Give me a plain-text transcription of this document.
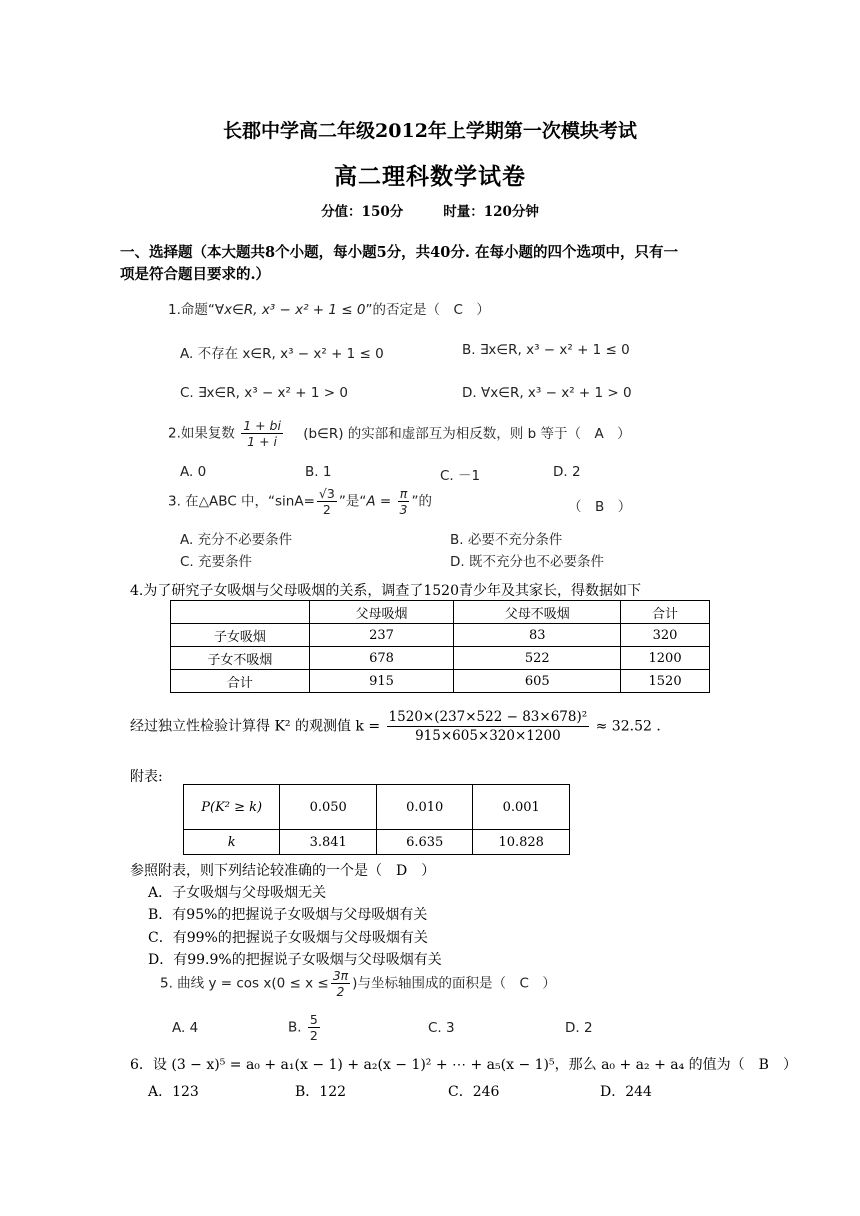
长郡中学高二年级2012年上学期第一次模块考试
高二理科数学试卷
分值：150分	时量：120分钟
一、选择题（本大题共8个小题，每小题5分，共40分. 在每小题的四个选项中，只有一
项是符合题目要求的.）
1.命题“∀x∈R, x³ − x² + 1 ≤ 0”的否定是（　C　）
A. 不存在 x∈R, x³ − x² + 1 ≤ 0	B. ∃x∈R, x³ − x² + 1 ≤ 0
C. ∃x∈R, x³ − x² + 1 > 0	D. ∀x∈R, x³ − x² + 1 > 0
2.如果复数 $\frac{1 + bi}{1 + i}$ (b∈R) 的实部和虚部互为相反数，则 b 等于（　A　）
A. 0	B. 1	C. －1	D. 2
3. 在△ABC 中，“$\sin A= \frac{√3}{2}$ ”是“$A = \frac{\pi}{3}$ ”的	（　B　）
A. 充分不必要条件	B. 必要不充分条件
C. 充要条件	D. 既不充分也不必要条件
4.为了研究子女吸烟与父母吸烟的关系，调查了1520青少年及其家长，得数据如下
	父母吸烟	父母不吸烟	合计
子女吸烟	237	83	320
子女不吸烟	678	522	1200
合计	915	605	1520
经过独立性检验计算得 K² 的观测值 $k = \frac{\text{1520×(237×522 − 83×678)²}}{915\times 605\times 320\times 1200} \approx 32.52$ .
附表:
P(K² ≥ k)	0.050	0.010	0.001
k	3.841	6.635	10.828
参照附表，则下列结论较准确的一个是（　D　）
A．子女吸烟与父母吸烟无关
B．有95%的把握说子女吸烟与父母吸烟有关
C．有99%的把握说子女吸烟与父母吸烟有关
D．有99.9%的把握说子女吸烟与父母吸烟有关
5. 曲线 $y = \cos x(0 \le x \le \frac{3\pi}{2}$ )与坐标轴围成的面积是（　C　）
A. 4	B. $\frac{5}{2}$	C. 3	D. 2
6．设 (3 − x)⁵ = a₀ + a₁(x − 1) + a₂(x − 1)² + ⋯ + a₅(x − 1)⁵，那么 a₀ + a₂ + a₄ 的值为（　B　）
A．123	B．122	C．246	D．244
